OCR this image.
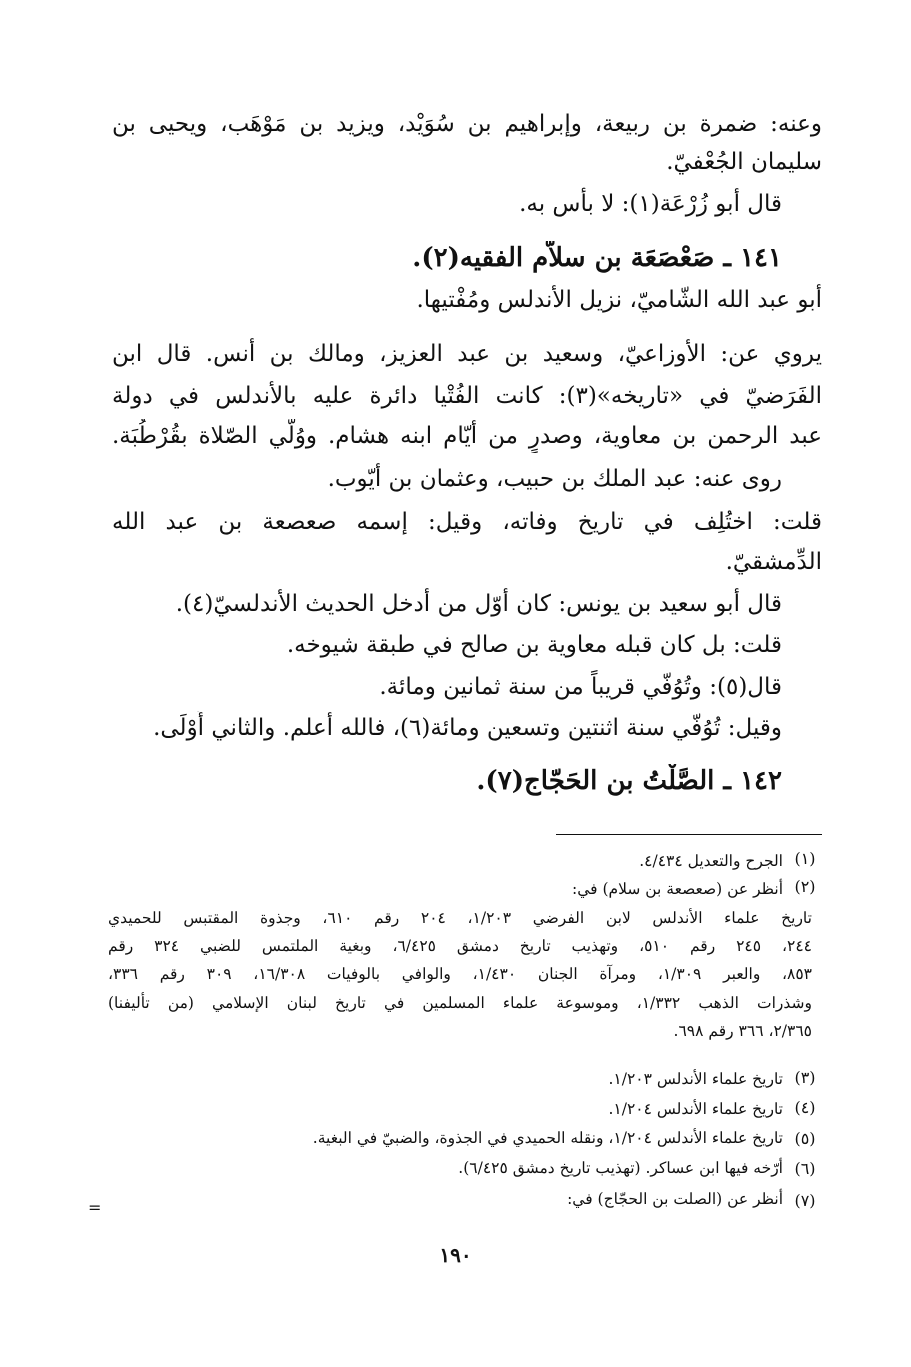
وعنه: ضمرة بن ربيعة، وإبراهيم بن سُوَيْد، ويزيد بن مَوْهَب، ويحيى بن
سليمان الجُعْفيّ.
قال أبو زُرْعَة(١): لا بأس به.
١٤١ ـ صَعْصَعَة بن سلاّم الفقيه(٢).
أبو عبد الله الشّاميّ، نزيل الأندلس ومُفْتيها.
يروي عن: الأوزاعيّ، وسعيد بن عبد العزيز، ومالك بن أنس. قال ابن
الفَرَضيّ في «تاريخه»(٣): كانت الفُتْيا دائرة عليه بالأندلس في دولة
عبد الرحمن بن معاوية، وصدرٍ من أيّام ابنه هشام. ووُلّي الصّلاة بقُرْطُبَة.
روى عنه: عبد الملك بن حبيب، وعثمان بن أيّوب.
قلت: اختُلِف في تاريخ وفاته، وقيل: إسمه صعصعة بن عبد الله
الدِّمشقيّ.
قال أبو سعيد بن يونس: كان أوّل من أدخل الحديث الأندلسيّ(٤).
قلت: بل كان قبله معاوية بن صالح في طبقة شيوخه.
قال(٥): وتُوُفّي قريباً من سنة ثمانين ومائة.
وقيل: تُوُفّي سنة اثنتين وتسعين ومائة(٦)، فالله أعلم. والثاني أَوْلَى.
١٤٢ ـ الصَّلْتُ بن الحَجّاج(٧).
(١)
الجرح والتعديل ٤/٤٣٤.
(٢)
أنظر عن (صعصعة بن سلام) في:
تاريخ علماء الأندلس لابن الفرضي ١/٢٠٣، ٢٠٤ رقم ٦١٠، وجذوة المقتبس للحميدي
٢٤٤، ٢٤٥ رقم ٥١٠، وتهذيب تاريخ دمشق ٦/٤٢٥، وبغية الملتمس للضبي ٣٢٤ رقم
٨٥٣، والعبر ١/٣٠٩، ومرآة الجنان ١/٤٣٠، والوافي بالوفيات ١٦/٣٠٨، ٣٠٩ رقم ٣٣٦،
وشذرات الذهب ١/٣٣٢، وموسوعة علماء المسلمين في تاريخ لبنان الإسلامي (من تأليفنا)
٢/٣٦٥، ٣٦٦ رقم ٦٩٨.
(٣)
تاريخ علماء الأندلس ١/٢٠٣.
(٤)
تاريخ علماء الأندلس ١/٢٠٤.
(٥)
تاريخ علماء الأندلس ١/٢٠٤، ونقله الحميدي في الجذوة، والضبيّ في البغية.
(٦)
أرّخه فيها ابن عساكر. (تهذيب تاريخ دمشق ٦/٤٢٥).
(٧)
أنظر عن (الصلت بن الحجّاج) في:
=
١٩٠
